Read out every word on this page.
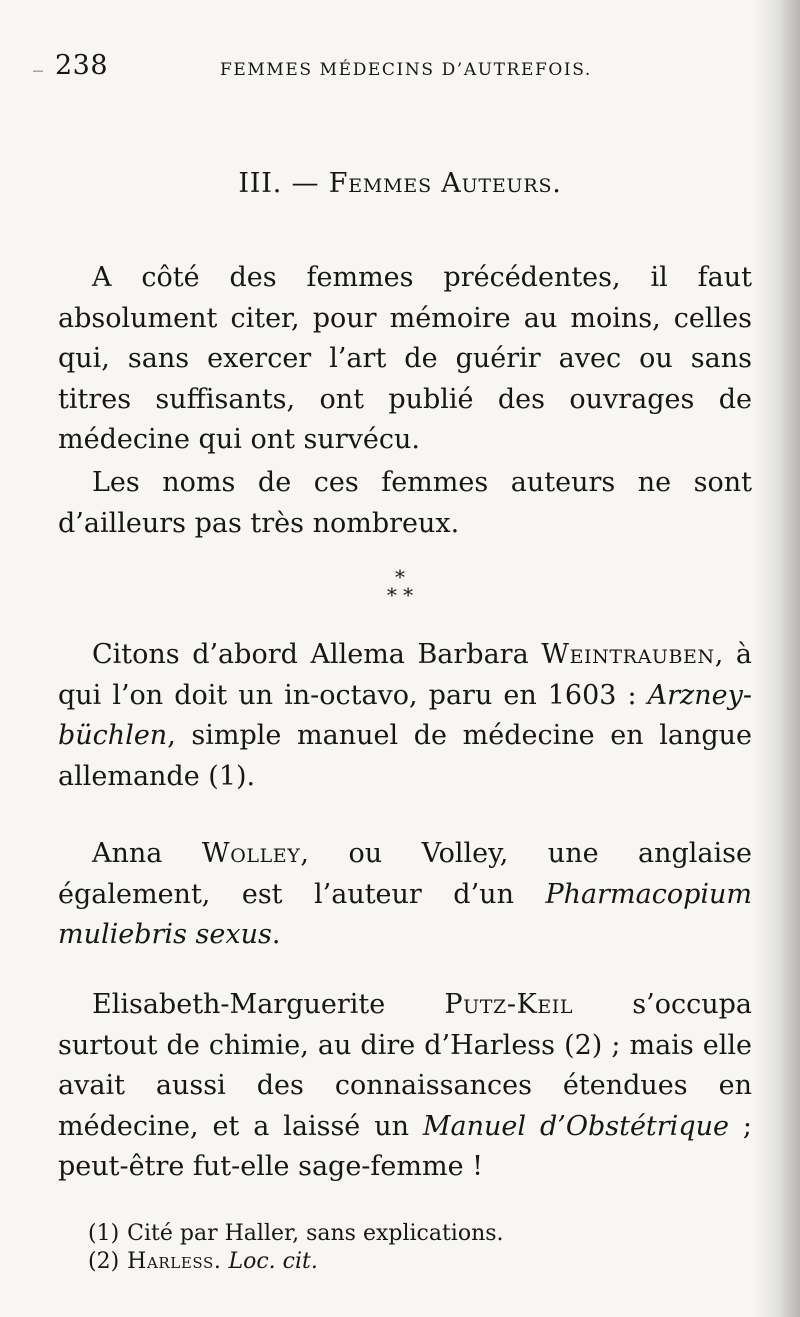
_ 238	FEMMES MÉDECINS D’AUTREFOIS.
III. — Femmes Auteurs.
A côté des femmes précédentes, il faut absolument citer, pour mémoire au moins, celles qui, sans exercer l’art de guérir avec ou sans titres suffisants, ont publié des ouvrages de médecine qui ont survécu.
Les noms de ces femmes auteurs ne sont d’ailleurs pas très nombreux.
*
* *
Citons d’abord Allema Barbara Weintrauben, à qui l’on doit un in-octavo, paru en 1603 : Arzney-büchlen, simple manuel de médecine en langue allemande (1).
Anna Wolley, ou Volley, une anglaise également, est l’auteur d’un Pharmacopium muliebris sexus.
Elisabeth-Marguerite Putz-Keil s’occupa surtout de chimie, au dire d’Harless (2) ; mais elle avait aussi des connaissances étendues en médecine, et a laissé un Manuel d’Obstétrique ; peut-être fut-elle sage-femme !
(1) Cité par Haller, sans explications.
(2) Harless. Loc. cit.
